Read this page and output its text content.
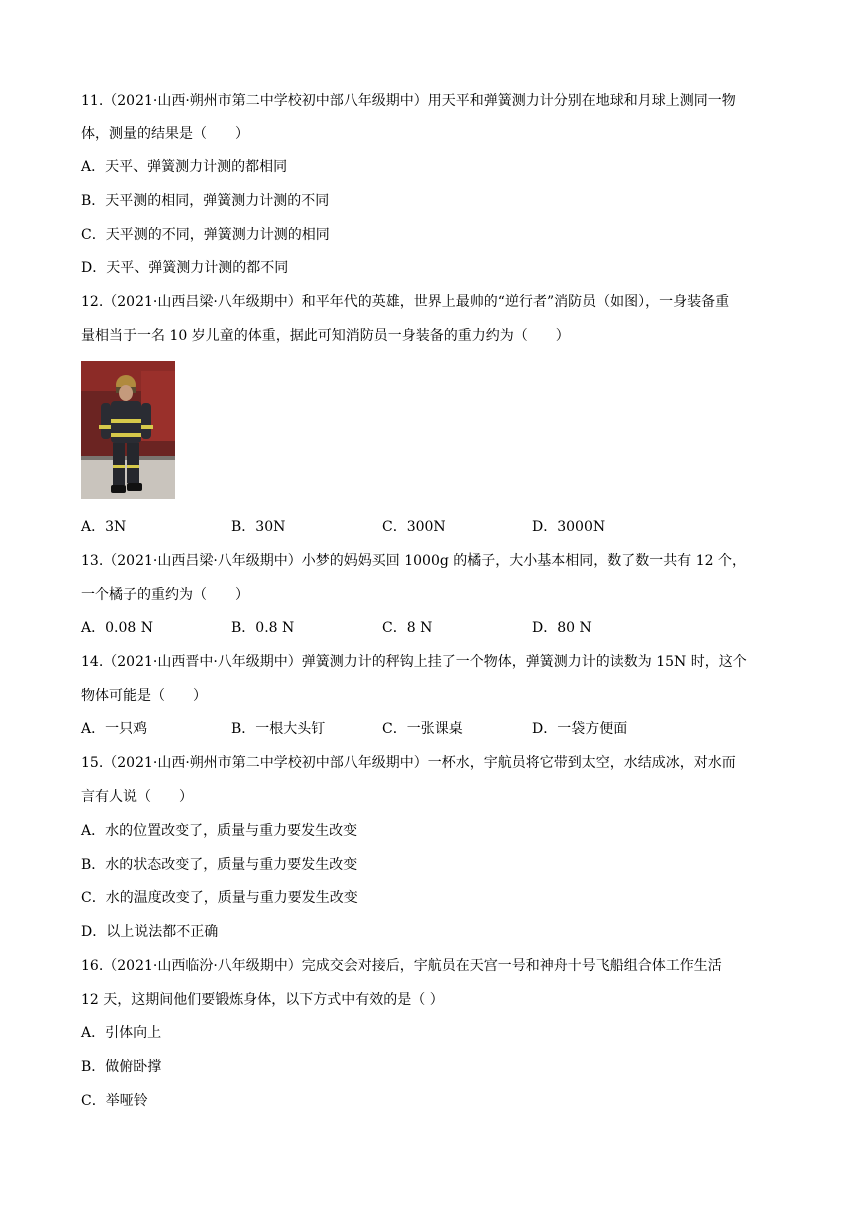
11.（2021·山西·朔州市第二中学校初中部八年级期中）用天平和弹簧测力计分别在地球和月球上测同一物
体，测量的结果是（　　）
A．天平、弹簧测力计测的都相同
B．天平测的相同，弹簧测力计测的不同
C．天平测的不同，弹簧测力计测的相同
D．天平、弹簧测力计测的都不同
12.（2021·山西吕梁·八年级期中）和平年代的英雄，世界上最帅的“逆行者”消防员（如图），一身装备重
量相当于一名 10 岁儿童的体重，据此可知消防员一身装备的重力约为（　　）
A．3N	B．30N	C．300N	D．3000N
13.（2021·山西吕梁·八年级期中）小梦的妈妈买回 1000g 的橘子，大小基本相同，数了数一共有 12 个，
一个橘子的重约为（　　）
A．0.08 N	B．0.8 N	C．8 N	D．80 N
14.（2021·山西晋中·八年级期中）弹簧测力计的秤钩上挂了一个物体，弹簧测力计的读数为 15N 时，这个
物体可能是（　　）
A．一只鸡	B．一根大头钉	C．一张课桌	D．一袋方便面
15.（2021·山西·朔州市第二中学校初中部八年级期中）一杯水，宇航员将它带到太空，水结成冰，对水而
言有人说（　　）
A．水的位置改变了，质量与重力要发生改变
B．水的状态改变了，质量与重力要发生改变
C．水的温度改变了，质量与重力要发生改变
D．以上说法都不正确
16.（2021·山西临汾·八年级期中）完成交会对接后，宇航员在天宫一号和神舟十号飞船组合体工作生活
12 天，这期间他们要锻炼身体，以下方式中有效的是（ ）
A．引体向上
B．做俯卧撑
C．举哑铃
